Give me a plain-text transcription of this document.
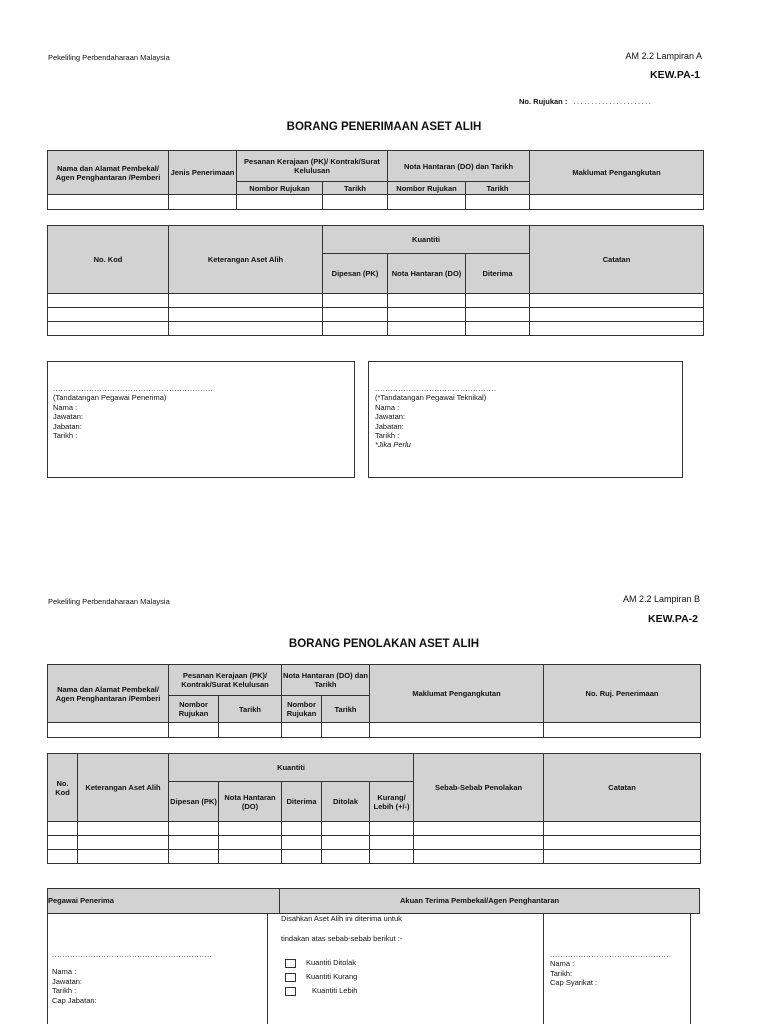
Pekeliling Perbendaharaan Malaysia	AM 2.2 Lampiran A
KEW.PA-1
No. Rujukan : ......................
BORANG PENERIMAAN ASET ALIH
Nama dan Alamat Pembekal/ Agen Penghantaran /Pemberi	Jenis Penerimaan	Pesanan Kerajaan (PK)/ Kontrak/Surat Kelulusan		Nota Hantaran (DO) dan Tarikh		Maklumat Pengangkutan
		Nombor Rujukan	Tarikh	Nombor Rujukan	Tarikh	

No. Kod	Keterangan Aset Alih	Kuantiti			Catatan
		Dipesan (PK)	Nota Hantaran (DO)	Diterima	

..............................................................
(Tandatangan Pegawai Penerima)
Nama :
Jawatan:
Jabatan:
Tarikh :
...............................................
(*Tandatangan Pegawai Teknikal)
Nama :
Jawatan:
Jabatan:
Tarikh :
*Jika Perlu
Pekeliling Perbendaharaan Malaysia	AM 2.2 Lampiran B
KEW.PA-2
BORANG PENOLAKAN ASET ALIH
Nama dan Alamat Pembekal/ Agen Penghantaran /Pemberi	Pesanan Kerajaan (PK)/ Kontrak/Surat Kelulusan		Nota Hantaran (DO) dan Tarikh		Maklumat Pengangkutan	No. Ruj. Penerimaan
	Nombor Rujukan	Tarikh	Nombor Rujukan	Tarikh		

No. Kod	Keterangan Aset Alih	Kuantiti					Sebab-Sebab Penolakan	Catatan
		Dipesan (PK)	Nota Hantaran (DO)	Diterima	Ditolak	Kurang/ Lebih (+/-)		

Pegawai Penerima	Akuan Terima Pembekal/Agen Penghantaran
..............................................................
Nama :
Jawatan:
Tarikh :
Cap Jabatan:
Disahkan Aset Alih ini diterima untuk
tindakan atas sebab-sebab berikut :-
Kuantiti Ditolak
Kuantiti Kurang
Kuantiti Lebih
...............................................
Nama :
Tarikh:
Cap Syarikat :
